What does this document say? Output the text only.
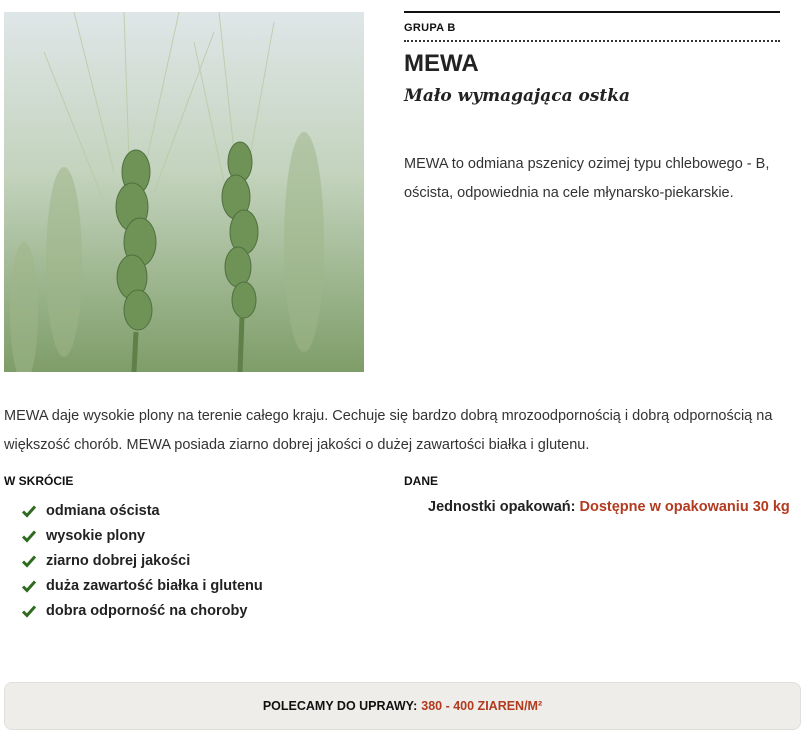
GRUPA B
MEWA
Mało wymagająca ostka
MEWA to odmiana pszenicy ozimej typu chlebowego - B, oścista, odpowiednia na cele młynarsko-piekarskie.
MEWA daje wysokie plony na terenie całego kraju. Cechuje się bardzo dobrą mrozoodpornością i dobrą odpornością na większość chorób. MEWA posiada ziarno dobrej jakości o dużej zawartości białka i glutenu.
W SKRÓCIE
odmiana oścista
wysokie plony
ziarno dobrej jakości
duża zawartość białka i glutenu
dobra odporność na choroby
DANE
Jednostki opakowań: Dostępne w opakowaniu 30 kg
POLECAMY DO UPRAWY: 380 - 400 ZIAREN/M²
